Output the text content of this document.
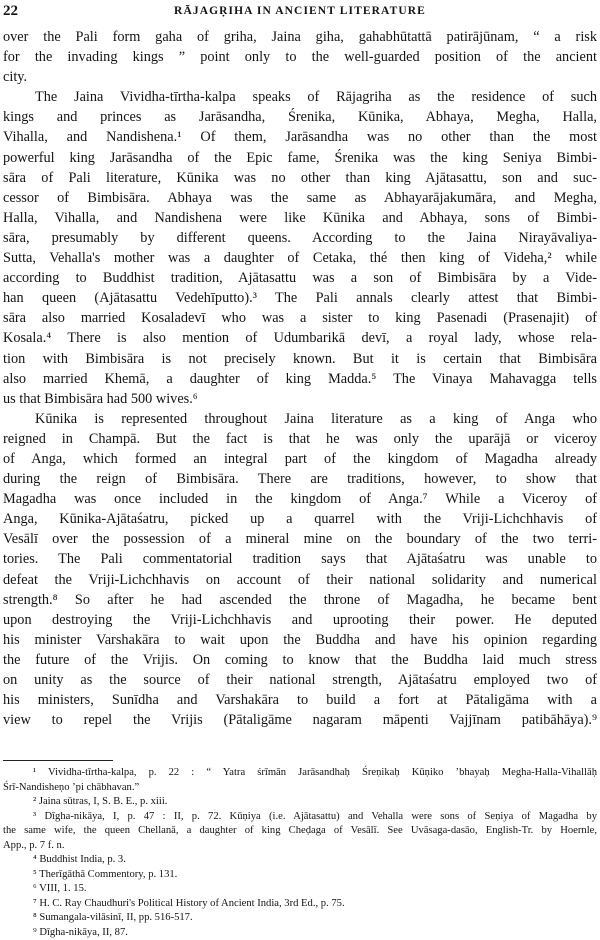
22	RĀJAGṚIHA IN ANCIENT LITERATURE
over the Pali form gaha of griha, Jaina giha, gahabhūtattā patirājūnam, “ a risk
for the invading kings ” point only to the well-guarded position of the ancient
city.
The Jaina Vividha-tīrtha-kalpa speaks of Rājagriha as the residence of such
kings and princes as Jarāsandha, Śrenika, Kūnika, Abhaya, Megha, Halla,
Vihalla, and Nandishena.¹ Of them, Jarāsandha was no other than the most
powerful king Jarāsandha of the Epic fame, Śrenika was the king Seniya Bimbi-
sāra of Pali literature, Kūnika was no other than king Ajātasattu, son and suc-
cessor of Bimbisāra. Abhaya was the same as Abhayarājakumāra, and Megha,
Halla, Vihalla, and Nandishena were like Kūnika and Abhaya, sons of Bimbi-
sāra, presumably by different queens. According to the Jaina Nirayāvaliya-
Sutta, Vehalla's mother was a daughter of Cetaka, thé then king of Videha,² while
according to Buddhist tradition, Ajātasattu was a son of Bimbisāra by a Vide-
han queen (Ajātasattu Vedehīputto).³ The Pali annals clearly attest that Bimbi-
sāra also married Kosaladevī who was a sister to king Pasenadi (Prasenajit) of
Kosala.⁴ There is also mention of Udumbarikā devī, a royal lady, whose rela-
tion with Bimbisāra is not precisely known. But it is certain that Bimbisāra
also married Khemā, a daughter of king Madda.⁵ The Vinaya Mahavagga tells
us that Bimbisāra had 500 wives.⁶
Kūnika is represented throughout Jaina literature as a king of Anga who
reigned in Champā. But the fact is that he was only the uparājā or viceroy
of Anga, which formed an integral part of the kingdom of Magadha already
during the reign of Bimbisāra. There are traditions, however, to show that
Magadha was once included in the kingdom of Anga.⁷ While a Viceroy of
Anga, Kūnika-Ajātaśatru, picked up a quarrel with the Vriji-Lichchhavis of
Vesālī over the possession of a mineral mine on the boundary of the two terri-
tories. The Pali commentatorial tradition says that Ajātaśatru was unable to
defeat the Vriji-Lichchhavis on account of their national solidarity and numerical
strength.⁸ So after he had ascended the throne of Magadha, he became bent
upon destroying the Vriji-Lichchhavis and uprooting their power. He deputed
his minister Varshakāra to wait upon the Buddha and have his opinion regarding
the future of the Vrijis. On coming to know that the Buddha laid much stress
on unity as the source of their national strength, Ajātaśatru employed two of
his ministers, Sunīdha and Varshakāra to build a fort at Pātaligāma with a
view to repel the Vrijis (Pātaligāme nagaram māpenti Vajjīnam patibāhāya).⁹
¹ Vividha-tīrtha-kalpa, p. 22 : “ Yatra śrīmān Jarāsandhaḥ Śreṇikaḥ Kūṇiko ’bhayaḥ Megha-Halla-Vihallāḥ
Śrī-Nandisheṇo ’pi chābhavan.”
² Jaina sūtras, I, S. B. E., p. xiii.
³ Dīgha-nikāya, I, p. 47 : II, p. 72. Kūṇiya (i.e. Ajātasattu) and Vehalla were sons of Seṇiya of Magadha by
the same wife, the queen Chellanā, a daughter of king Cheḍaga of Vesālī. See Uvāsaga-dasāo, English-Tr. by Hoernle,
App., p. 7 f. n.
⁴ Buddhist India, p. 3.
⁵ Therīgāthā Commentory, p. 131.
⁶ VIII, 1. 15.
⁷ H. C. Ray Chaudhuri's Political History of Ancient India, 3rd Ed., p. 75.
⁸ Sumangala-vilāsinī, II, pp. 516-517.
⁹ Dīgha-nikāya, II, 87.
